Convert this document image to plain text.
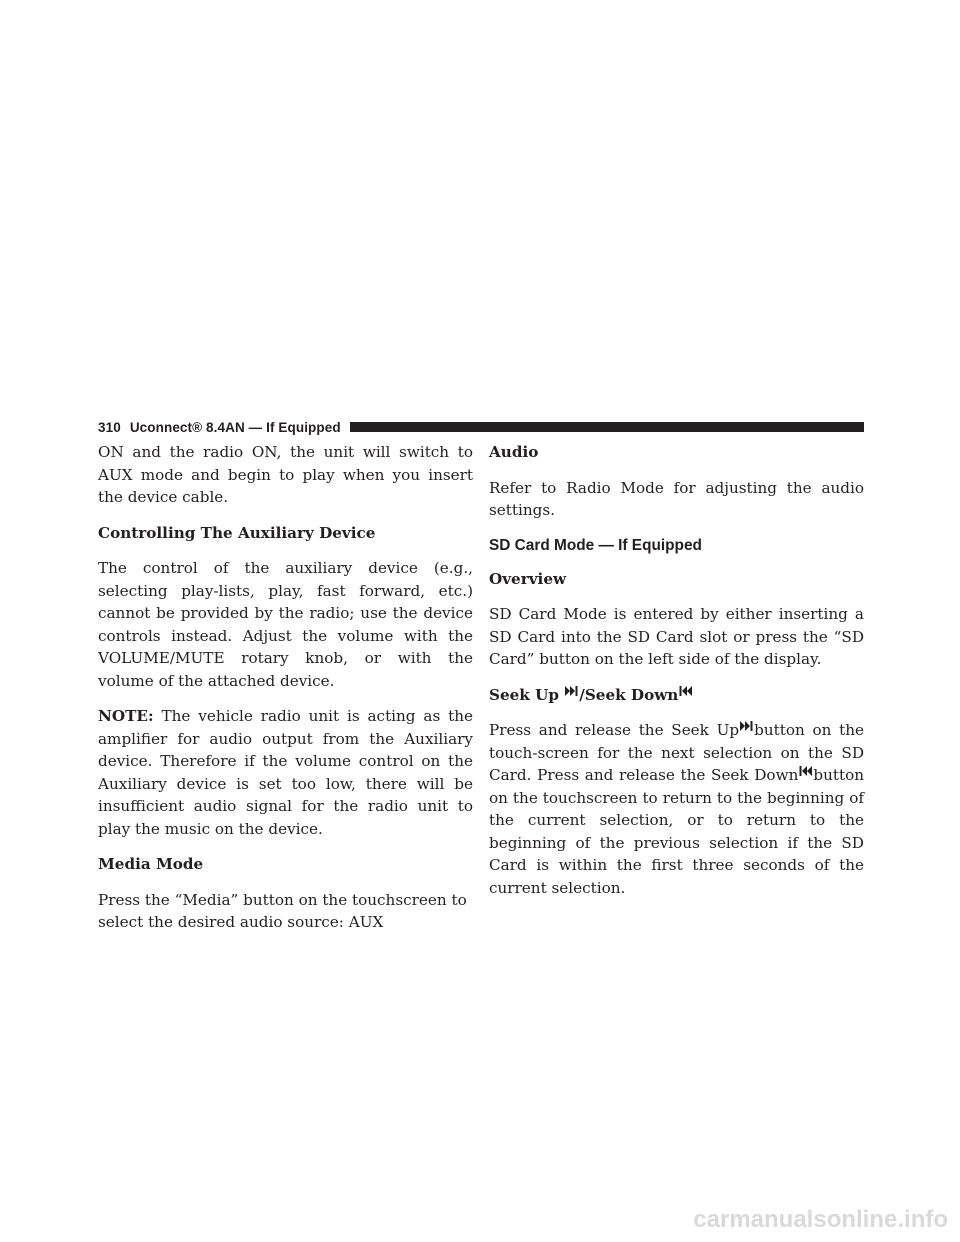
310 Uconnect® 8.4AN — If Equipped

ON and the radio ON, the unit will switch to AUX mode and begin to play when you insert the device cable.

Controlling The Auxiliary Device

The control of the auxiliary device (e.g., selecting play-lists, play, fast forward, etc.) cannot be provided by the radio; use the device controls instead. Adjust the volume with the VOLUME/MUTE rotary knob, or with the volume of the attached device.

NOTE: The vehicle radio unit is acting as the amplifier for audio output from the Auxiliary device. Therefore if the volume control on the Auxiliary device is set too low, there will be insufficient audio signal for the radio unit to play the music on the device.

Media Mode

Press the “Media” button on the touchscreen to select the desired audio source: AUX

Audio

Refer to Radio Mode for adjusting the audio settings.

SD Card Mode — If Equipped
Overview

SD Card Mode is entered by either inserting a SD Card into the SD Card slot or press the “SD Card” button on the left side of the display.

Seek Up /Seek Down

Press and release the Seek Up button on the touch-screen for the next selection on the SD Card. Press and release the Seek Down button on the touchscreen to return to the beginning of the current selection, or to return to the beginning of the previous selection if the SD Card is within the first three seconds of the current selection.

carmanualsonline.info
